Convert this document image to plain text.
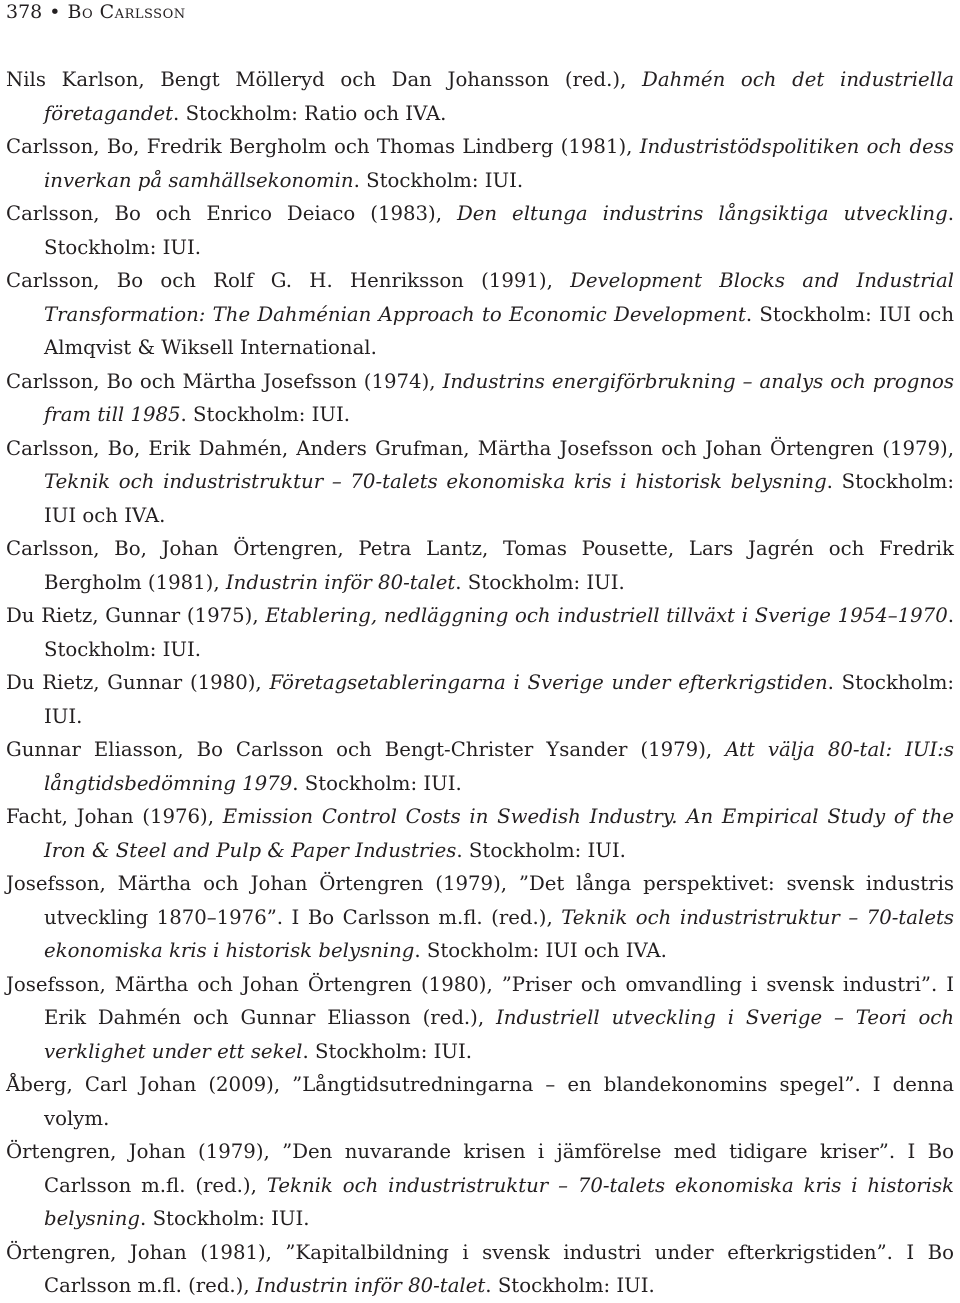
378 • Bo Carlsson

Nils Karlson, Bengt Mölleryd och Dan Johansson (red.), Dahmén och det industriella företagandet. Stockholm: Ratio och IVA.

Carlsson, Bo, Fredrik Bergholm och Thomas Lindberg (1981), Industristödspolitiken och dess inverkan på samhällsekonomin. Stockholm: IUI.

Carlsson, Bo och Enrico Deiaco (1983), Den eltunga industrins långsiktiga utveckling. Stockholm: IUI.

Carlsson, Bo och Rolf G. H. Henriksson (1991), Development Blocks and Industrial Transformation: The Dahménian Approach to Economic Development. Stockholm: IUI och Almqvist & Wiksell International.

Carlsson, Bo och Märtha Josefsson (1974), Industrins energiförbrukning – analys och prognos fram till 1985. Stockholm: IUI.

Carlsson, Bo, Erik Dahmén, Anders Grufman, Märtha Josefsson och Johan Örtengren (1979), Teknik och industristruktur – 70-talets ekonomiska kris i historisk belysning. Stockholm: IUI och IVA.

Carlsson, Bo, Johan Örtengren, Petra Lantz, Tomas Pousette, Lars Jagrén och Fredrik Bergholm (1981), Industrin inför 80-talet. Stockholm: IUI.

Du Rietz, Gunnar (1975), Etablering, nedläggning och industriell tillväxt i Sverige 1954–1970. Stockholm: IUI.

Du Rietz, Gunnar (1980), Företagsetableringarna i Sverige under efterkrigstiden. Stockholm: IUI.

Gunnar Eliasson, Bo Carlsson och Bengt-Christer Ysander (1979), Att välja 80-tal: IUI:s långtidsbedömning 1979. Stockholm: IUI.

Facht, Johan (1976), Emission Control Costs in Swedish Industry. An Empirical Study of the Iron & Steel and Pulp & Paper Industries. Stockholm: IUI.

Josefsson, Märtha och Johan Örtengren (1979), ”Det långa perspektivet: svensk industris utveckling 1870–1976”. I Bo Carlsson m.fl. (red.), Teknik och industristruktur – 70-talets ekonomiska kris i historisk belysning. Stockholm: IUI och IVA.

Josefsson, Märtha och Johan Örtengren (1980), ”Priser och omvandling i svensk industri”. I Erik Dahmén och Gunnar Eliasson (red.), Industriell utveckling i Sverige – Teori och verklighet under ett sekel. Stockholm: IUI.

Åberg, Carl Johan (2009), ”Långtidsutredningarna – en blandekonomins spegel”. I denna volym.

Örtengren, Johan (1979), ”Den nuvarande krisen i jämförelse med tidigare kriser”. I Bo Carlsson m.fl. (red.), Teknik och industristruktur – 70-talets ekonomiska kris i historisk belysning. Stockholm: IUI.

Örtengren, Johan (1981), ”Kapitalbildning i svensk industri under efterkrigstiden”. I Bo Carlsson m.fl. (red.), Industrin inför 80-talet. Stockholm: IUI.
